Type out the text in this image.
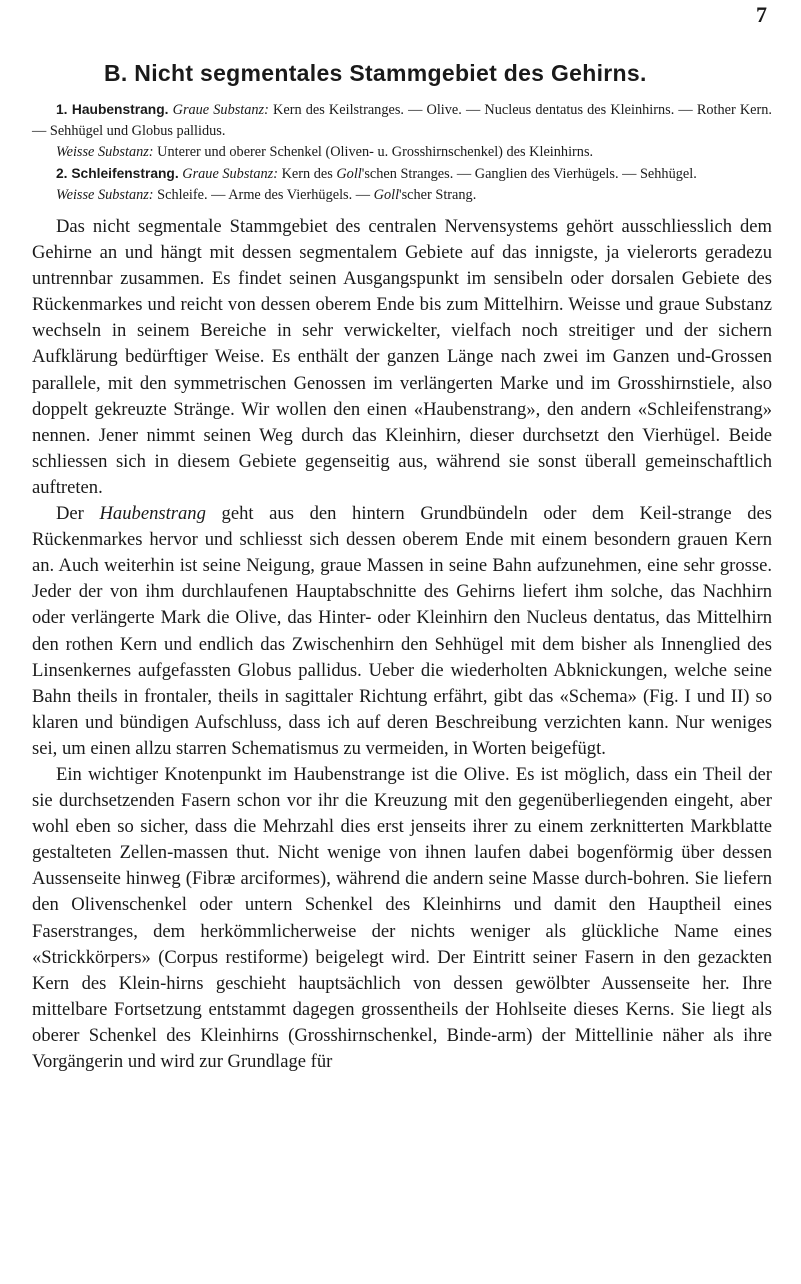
7
B. Nicht segmentales Stammgebiet des Gehirns.

1. Haubenstrang. Graue Substanz: Kern des Keilstranges. — Olive. — Nucleus dentatus des Kleinhirns. — Rother Kern. — Sehhügel und Globus pallidus.

Weisse Substanz: Unterer und oberer Schenkel (Oliven- u. Grosshirnschenkel) des Kleinhirns.

2. Schleifenstrang. Graue Substanz: Kern des Goll'schen Stranges. — Ganglien des Vierhügels. — Sehhügel.

Weisse Substanz: Schleife. — Arme des Vierhügels. — Goll'scher Strang.

Das nicht segmentale Stammgebiet des centralen Nervensystems gehört ausschliesslich dem Gehirne an und hängt mit dessen segmentalem Gebiete auf das innigste, ja vielerorts geradezu untrennbar zusammen. Es findet seinen Ausgangspunkt im sensibeln oder dorsalen Gebiete des Rückenmarkes und reicht von dessen oberem Ende bis zum Mittelhirn. Weisse und graue Substanz wechseln in seinem Bereiche in sehr verwickelter, vielfach noch streitiger und der sichern Aufklärung bedürftiger Weise. Es enthält der ganzen Länge nach zwei im Ganzen und-Grossen parallele, mit den symmetrischen Genossen im verlängerten Marke und im Grosshirnstiele, also doppelt gekreuzte Stränge. Wir wollen den einen «Haubenstrang», den andern «Schleifenstrang» nennen. Jener nimmt seinen Weg durch das Kleinhirn, dieser durchsetzt den Vierhügel. Beide schliessen sich in diesem Gebiete gegenseitig aus, während sie sonst überall gemeinschaftlich auftreten.

Der Haubenstrang geht aus den hintern Grundbündeln oder dem Keil-strange des Rückenmarkes hervor und schliesst sich dessen oberem Ende mit einem besondern grauen Kern an. Auch weiterhin ist seine Neigung, graue Massen in seine Bahn aufzunehmen, eine sehr grosse. Jeder der von ihm durchlaufenen Hauptabschnitte des Gehirns liefert ihm solche, das Nachhirn oder verlängerte Mark die Olive, das Hinter- oder Kleinhirn den Nucleus dentatus, das Mittelhirn den rothen Kern und endlich das Zwischenhirn den Sehhügel mit dem bisher als Innenglied des Linsenkernes aufgefassten Globus pallidus. Ueber die wiederholten Abknickungen, welche seine Bahn theils in frontaler, theils in sagittaler Richtung erfährt, gibt das «Schema» (Fig. I und II) so klaren und bündigen Aufschluss, dass ich auf deren Beschreibung verzichten kann. Nur weniges sei, um einen allzu starren Schematismus zu vermeiden, in Worten beigefügt.

Ein wichtiger Knotenpunkt im Haubenstrange ist die Olive. Es ist möglich, dass ein Theil der sie durchsetzenden Fasern schon vor ihr die Kreuzung mit den gegenüberliegenden eingeht, aber wohl eben so sicher, dass die Mehrzahl dies erst jenseits ihrer zu einem zerknitterten Markblatte gestalteten Zellen-massen thut. Nicht wenige von ihnen laufen dabei bogenförmig über dessen Aussenseite hinweg (Fibræ arciformes), während die andern seine Masse durch-bohren. Sie liefern den Olivenschenkel oder untern Schenkel des Kleinhirns und damit den Hauptheil eines Faserstranges, dem herkömmlicherweise der nichts weniger als glückliche Name eines «Strickkörpers» (Corpus restiforme) beigelegt wird. Der Eintritt seiner Fasern in den gezackten Kern des Klein-hirns geschieht hauptsächlich von dessen gewölbter Aussenseite her. Ihre mittelbare Fortsetzung entstammt dagegen grossentheils der Hohlseite dieses Kerns. Sie liegt als oberer Schenkel des Kleinhirns (Grosshirnschenkel, Binde-arm) der Mittellinie näher als ihre Vorgängerin und wird zur Grundlage für
